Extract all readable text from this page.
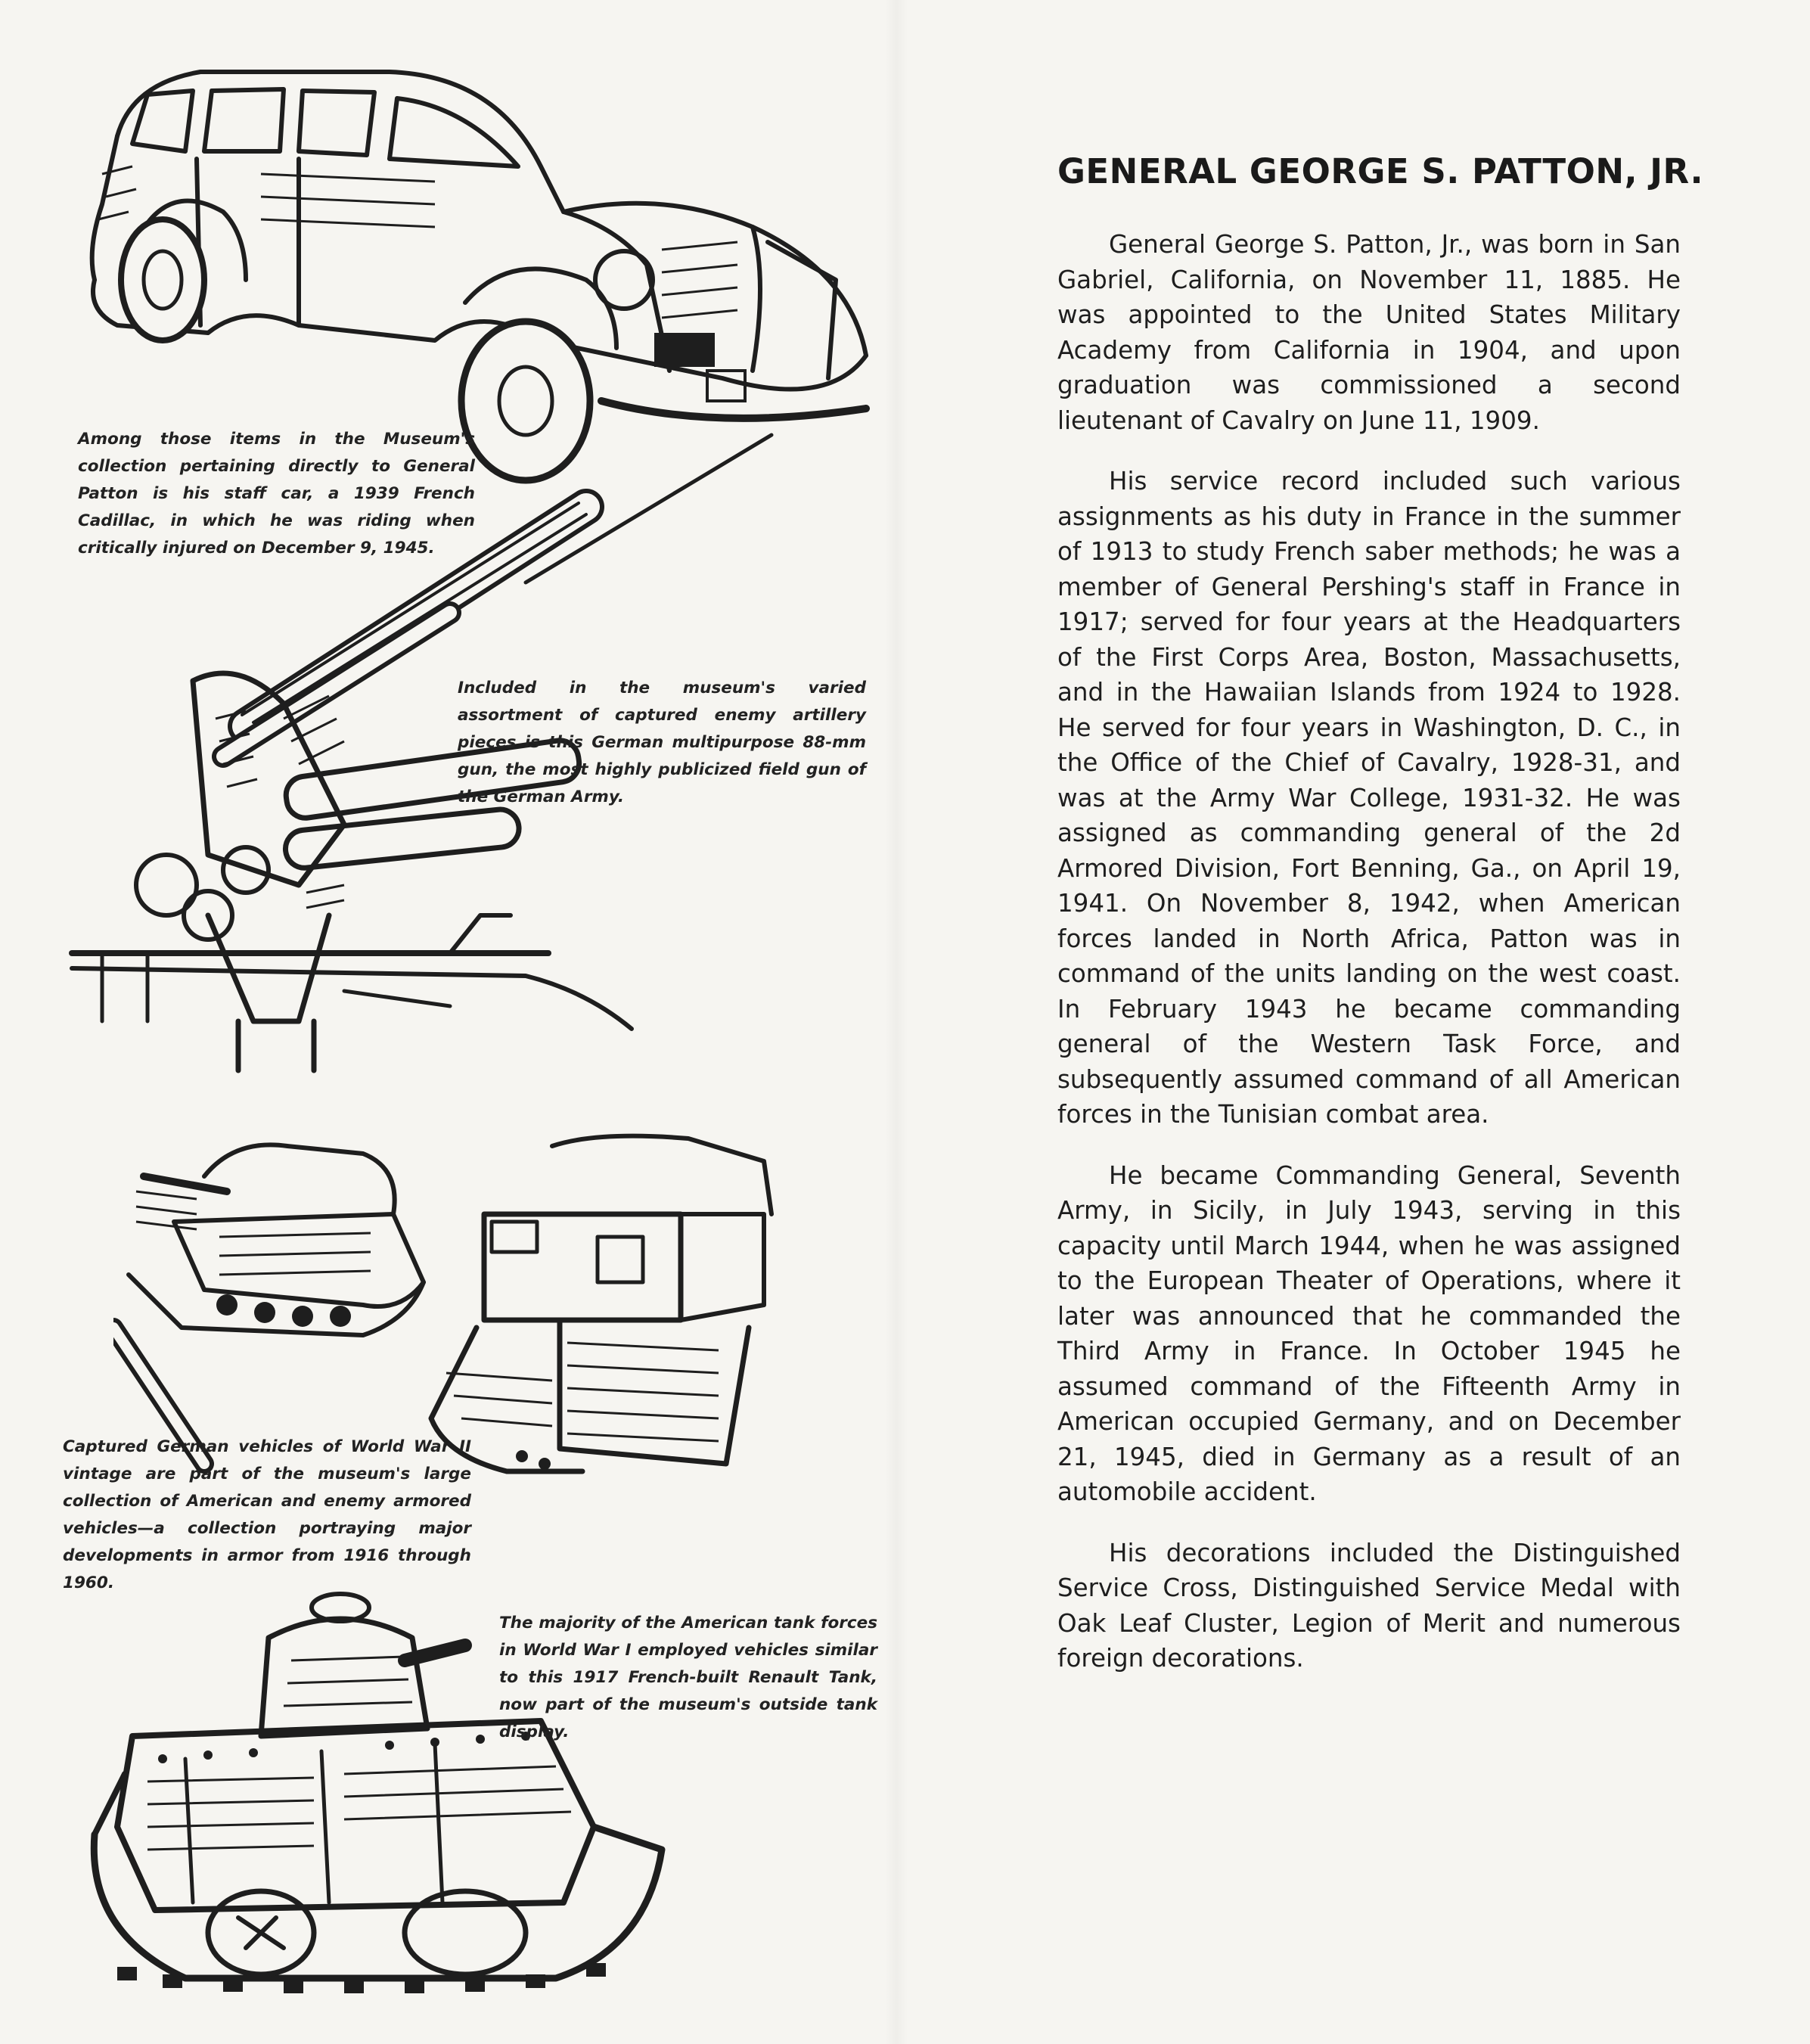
Among those items in the Museum's collection pertaining directly to General Patton is his staff car, a 1939 French Cadillac, in which he was riding when critically injured on December 9, 1945.

Included in the museum's varied assortment of captured enemy artillery pieces is this German multipurpose 88-mm gun, the most highly publicized field gun of the German Army.

Captured German vehicles of World War II vintage are part of the museum's large collection of American and enemy armored vehicles—a collection portraying major developments in armor from 1916 through 1960.

The majority of the American tank forces in World War I employed vehicles similar to this 1917 French-built Renault Tank, now part of the museum's outside tank display.

GENERAL GEORGE S. PATTON, JR.

General George S. Patton, Jr., was born in San Gabriel, California, on November 11, 1885. He was appointed to the United States Military Academy from California in 1904, and upon graduation was commissioned a second lieutenant of Cavalry on June 11, 1909.

His service record included such various assignments as his duty in France in the summer of 1913 to study French saber methods; he was a member of General Pershing's staff in France in 1917; served for four years at the Headquarters of the First Corps Area, Boston, Massachusetts, and in the Hawaiian Islands from 1924 to 1928. He served for four years in Washington, D. C., in the Office of the Chief of Cavalry, 1928-31, and was at the Army War College, 1931-32. He was assigned as commanding general of the 2d Armored Division, Fort Benning, Ga., on April 19, 1941. On November 8, 1942, when American forces landed in North Africa, Patton was in command of the units landing on the west coast. In February 1943 he became commanding general of the Western Task Force, and subsequently assumed command of all American forces in the Tunisian combat area.

He became Commanding General, Seventh Army, in Sicily, in July 1943, serving in this capacity until March 1944, when he was assigned to the European Theater of Operations, where it later was announced that he commanded the Third Army in France. In October 1945 he assumed command of the Fifteenth Army in American occupied Germany, and on December 21, 1945, died in Germany as a result of an automobile accident.

His decorations included the Distinguished Service Cross, Distinguished Service Medal with Oak Leaf Cluster, Legion of Merit and numerous foreign decorations.
